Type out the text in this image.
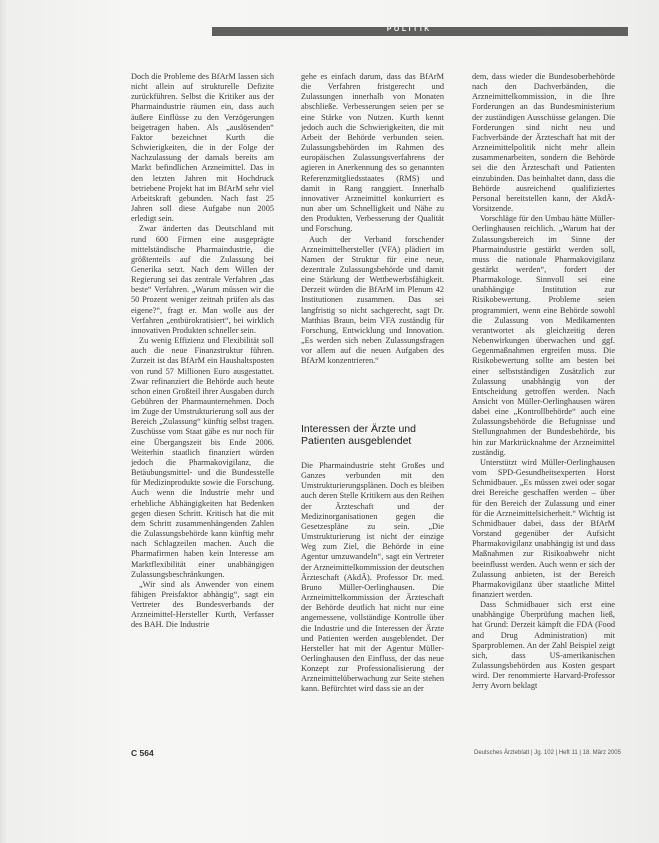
POLITIK

Doch die Probleme des BfArM lassen sich nicht allein auf strukturelle Defizite zurückführen. Selbst die Kritiker aus der Pharmaindustrie räumen ein, dass auch äußere Einflüsse zu den Verzögerungen beigetragen haben. Als „auslösenden“ Faktor bezeichnet Kurth die Schwierigkeiten, die in der Folge der Nachzulassung der damals bereits am Markt befindlichen Arzneimittel. Das in den letzten Jahren mit Hochdruck betriebene Projekt hat im BfArM sehr viel Arbeitskraft gebunden. Nach fast 25 Jahren soll diese Aufgabe nun 2005 erledigt sein.

Zwar änderten das Deutschland mit rund 600 Firmen eine ausgeprägte mittelständische Pharmaindustrie, die größtenteils auf die Zulassung bei Generika setzt. Nach dem Willen der Regierung sei das zentrale Verfahren „das beste“ Verfahren. „Warum müssen wir die 50 Prozent weniger zeitnah prüfen als das eigene?“, fragt er. Man wolle aus der Verfahren „entbürokratisiert“, bei wirklich innovativen Produkten schneller sein.

Zu wenig Effizienz und Flexibilität soll auch die neue Finanzstruktur führen. Zurzeit ist das BfArM ein Haushaltsposten von rund 57 Millionen Euro ausgestattet. Zwar refinanziert die Behörde auch heute schon einen Großteil ihrer Ausgaben durch Gebühren der Pharmaunternehmen. Doch im Zuge der Umstrukturierung soll aus der Bereich „Zulassung“ künftig selbst tragen. Zuschüsse vom Staat gäbe es nur noch für eine Übergangszeit bis Ende 2006. Weiterhin staatlich finanziert würden jedoch die Pharmakovigilanz, die Betäubungsmittel- und die Bundesstelle für Medizinprodukte sowie die Forschung. Auch wenn die Industrie mehr und erhebliche Abhängigkeiten hat Bedenken gegen diesen Schritt. Kritisch hat die mit dem Schritt zusammenhängenden Zahlen die Zulassungsbehörde kann künftig mehr nach Schlagzeilen machen. Auch die Pharmafirmen haben kein Interesse am Marktflexibilität einer unabhängigen Zulassungsbeschränkungen.

„Wir sind als Anwender von einem fähigen Preisfaktor abhängig“, sagt ein Vertreter des Bundesverbands der Arzneimittel-Hersteller Kurth, Verfasser des BAH. Die Industrie

gehe es einfach darum, dass das BfArM die Verfahren fristgerecht und Zulassungen innerhalb von Monaten abschließe. Verbesserungen seien per se eine Stärke von Nutzen. Kurth kennt jedoch auch die Schwierigkeiten, die mit Arbeit der Behörde verbunden seien. Zulassungsbehörden im Rahmen des europäischen Zulassungsverfahrens der agieren in Anerkennung des so genannten Referenzmitgliedsstaates (RMS) und damit in Rang ranggiert. Innerhalb innovativer Arzneimittel konkurriert es nun aber um Schnelligkeit und Nähe zu den Produkten, Verbesserung der Qualität und Forschung.

Auch der Verband forschender Arzneimittelhersteller (VFA) plädiert im Namen der Struktur für eine neue, dezentrale Zulassungsbehörde und damit eine Stärkung der Wettbewerbsfähigkeit. Derzeit würden die BfArM im Plenum 42 Institutionen zusammen. Das sei langfristig so nicht sachgerecht, sagt Dr. Matthias Braun, beim VFA zuständig für Forschung, Entwicklung und Innovation. „Es werden sich neben Zulassungsfragen vor allem auf die neuen Aufgaben des BfArM konzentrieren.“

Interessen der Ärzte und Patienten ausgeblendet

Die Pharmaindustrie steht Großes und Ganzes verbunden mit den Umstrukturierungsplänen. Doch es bleiben auch deren Stelle Kritikern aus den Reihen der Ärzteschaft und der Medizinorganisationen gegen die Gesetzespläne zu sein. „Die Umstrukturierung ist nicht der einzige Weg zum Ziel, die Behörde in eine Agentur umzuwandeln“, sagt ein Vertreter der Arzneimittelkommission der deutschen Ärzteschaft (AkdÄ). Professor Dr. med. Bruno Müller-Oerlinghausen. Die Arzneimittelkommission der Ärzteschaft der Behörde deutlich hat nicht nur eine angemessene, vollständige Kontrolle über die Industrie und die Interessen der Ärzte und Patienten werden ausgeblendet. Der Hersteller hat mit der Agentur Müller-Oerlinghausen den Einfluss, der das neue Konzept zur Professionalisierung der Arzneimittelüberwachung zur Seite stehen kann. Befürchtet wird dass sie an der

dem, dass wieder die Bundesoberbehörde nach den Dachverbänden, die Arzneimittelkommission, in die Ihre Forderungen an das Bundesministerium der zuständigen Ausschüsse gelangen. Die Forderungen sind nicht neu und Fachverbände der Ärzteschaft hat mit der Arzneimittelpolitik nicht mehr allein zusammenarbeiten, sondern die Behörde sei die den Ärzteschaft und Patienten einzubinden. Das beinhaltet dann, dass die Behörde ausreichend qualifiziertes Personal bereitstellen kann, der AkdÄ-Vorsitzende.

Vorschläge für den Umbau hätte Müller-Oerlinghausen reichlich. „Warum hat der Zulassungsbereich im Sinne der Pharmaindustrie gestärkt werden soll, muss die nationale Pharmakovigilanz gestärkt werden“, fordert der Pharmakologe. Sinnvoll sei eine unabhängige Institution zur Risikobewertung. Probleme seien programmiert, wenn eine Behörde sowohl die Zulassung von Medikamenten verantwortet als gleichzeitig deren Nebenwirkungen überwachen und ggf. Gegenmaßnahmen ergreifen muss. Die Risikobewertung sollte am besten bei einer selbstständigen Zusätzlich zur Zulassung unabhängig von der Entscheidung getroffen werden. Nach Ansicht von Müller-Oerlinghausen wären dabei eine „Kontrollbehörde“ auch eine Zulassungsbehörde die Befugnisse und Stellungnahmen der Bundesbehörde, bis hin zur Marktrücknahme der Arzneimittel zuständig.

Unterstützt wird Müller-Oerlinghausen vom SPD-Gesundheitsexperten Horst Schmidbauer. „Es müssen zwei oder sogar drei Bereiche geschaffen werden – über für den Bereich der Zulassung und einer für die Arzneimittelsicherheit.“ Wichtig ist Schmidbauer dabei, dass der BfArM Vorstand gegenüber der Aufsicht Pharmakovigilanz unabhängig ist und dass Maßnahmen zur Risikoabwehr nicht beeinflusst werden. Auch wenn er sich der Zulassung anbieten, ist der Bereich Pharmakovigilanz über staatliche Mittel finanziert werden.

Dass Schmidbauer sich erst eine unabhängige Überprüfung machen ließ, hat Grund: Derzeit kämpft die FDA (Food and Drug Administration) mit Sparproblemen. An der Zahl Beispiel zeigt sich, dass US-amerikanischen Zulassungsbehörden aus Kosten gespart wird. Der renommierte Harvard-Professor Jerry Avorn beklagt

C 564	Deutsches Ärzteblatt | Jg. 102 | Heft 11 | 18. März 2005
